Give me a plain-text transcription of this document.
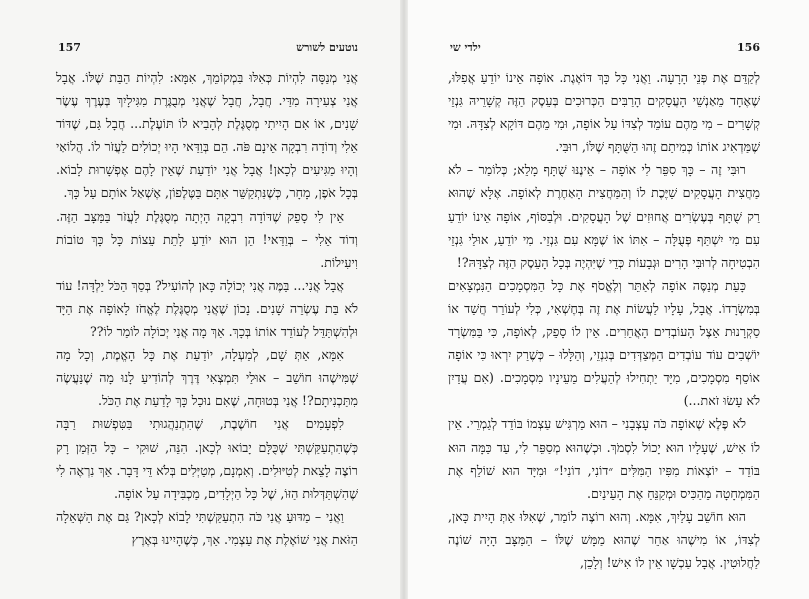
157	נוטעים לשורש

אֲנִי מְנַסָּה לִהְיוֹת כְּאִלּוּ בִּמְקוֹמֵךְ, אִמָּא: לִהְיוֹת הַבַּת שֶׁלּוֹ. אֲבָל אֲנִי צְעִירָה מִדַּי. חֲבָל, חֲבָל שֶׁאֲנִי מְבֻגֶּרֶת מִגִּילָיִךְ בְּעֶרֶךְ עֶשֶׂר שָׁנִים, אוֹ אִם הָיִיתִי מְסֻגֶּלֶת לְהָבִיא לוֹ תּוֹעֶלֶת... חֲבָל גַּם, שֶׁדּוֹד אֵלִי וְדוֹדָה רִבְקָה אֵינָם פֹּה. הֵם בְּוַדַּאי הָיוּ יְכוֹלִים לַעֲזֹר לוֹ. הֲלוֹאַי וְהָיוּ מַגִּיעִים לְכָאן! אֲבָל אֲנִי יוֹדַעַת שֶׁאֵין לָהֶם אֶפְשָׁרוּת לָבוֹא. בְּכָל אֹפֶן, מָחָר, כְּשֶׁנִּתְקַשֵּׁר אִתָּם בַּטֶּלֶפוֹן, אֶשְׁאַל אוֹתָם עַל כָּךְ.

אֵין לִי סָפֵק שֶׁדּוֹדָה רִבְקָה הָיְתָה מְסֻגֶּלֶת לַעֲזֹר בַּמַּצָּב הַזֶּה. וְדוֹד אֵלִי – בְּוַדַּאי! הֵן הוּא יוֹדֵעַ לָתֵת עֵצוֹת כָּל כָּךְ טוֹבוֹת וִיעִילוֹת.

אֲבָל אֲנִי... בַּמֶּה אֲנִי יְכוֹלָה כָּאן לְהוֹעִיל? בְּסַךְ הַכֹּל יַלְדָּה! עוֹד לֹא בַּת עֶשְׂרֵה שָׁנִים. נָכוֹן שֶׁאֲנִי מְסֻגֶּלֶת לֶאֱחֹז לָאוֹפָה אֶת הַיָּד וּלְהִשְׁתַּדֵּל לְעוֹדֵד אוֹתוֹ בְּכָךְ. אַךְ מָה אֲנִי יְכוֹלָה לוֹמַר לוֹ??

אִמָּא, אַתְּ שָׁם, לְמַעְלָה, יוֹדַעַת אֶת כָּל הָאֱמֶת, וְכָל מָה שֶׁמִּישֶׁהוּ חוֹשֵׁב – אוּלַי תִּמְצְאִי דֶּרֶךְ לְהוֹדִיעַ לָנוּ מָה שֶׁנַּעֲשֶׂה מִתַּכְנִיתָם?! אֲנִי בְּטוּחָה, שֶׁאִם נוּכַל כָּךְ לָדַעַת אֶת הַכֹּל.

לִפְעָמִים אֲנִי חוֹשֶׁבֶת, שֶׁהִתְנַהֲגוּתִי בִּטִּפְשׁוּת רַבָּה כְּשֶׁהִתְעַקַּשְׁתִּי שֶׁכֻּלָּם יָבוֹאוּ לְכָאן. הִנֵּה, שׁוּקִי – כָּל הַזְּמַן רָק רוֹצֶה לָצֵאת לְטִיּוּלִים. וְאִמְנָם, מְטַיְּלִים בְּלֹא דֵּי דָּבָר. אַךְ נִרְאֶה לִי שֶׁהִשְׁתַּדְּלוּת הַזּוֹ, שֶׁל כָּל הַיְלָדִים, מַכְבִּידָה עַל אוֹפָה.

וַאֲנִי – מַדּוּעַ אֲנִי כֹּה הִתְעַקַּשְׁתִּי לָבוֹא לְכָאן? גַּם אֶת הַשְּׁאֵלָה הַזֹּאת אֲנִי שׁוֹאֶלֶת אֶת עַצְמִי. אַךְ, כְּשֶׁהָיִינוּ בְּאֶרֶץ

ילדי שי	156

לְקַדֵּם אֶת פְּנֵי הָרָעָה. וַאֲנִי כָּל כָּךְ דּוֹאֶגֶת. אוֹפָה אֵינוֹ יוֹדֵעַ אֲפִלּוּ, שֶׁאֶחָד מֵאַנְשֵׁי הָעֲסָקִים הָרַבִּים הַכְּרוּכִים בְּעֵסֶק הַזֶּה קְשָׁרֵיהּ גִּנְזֵי קְשָׁרִים – מִי מֵהֶם עוֹמֵד לְצִדּוֹ עַל אוֹפָה, וּמִי מֵהֶם דּוֹקָא לְצִדָּהּ. וּמִי שֶׁמַּדְאִיג אוֹתוֹ כְּמִיתַם זֶהוּ הַשֻּׁתָּף שֶׁלּוֹ, רוּבִּי.

רוּבִּי זֶה – כָּךְ סִפֵּר לִי אוֹפָה – אֵינֶנּוּ שֻׁתָּף מָלֵא; כְּלוֹמַר – לֹא מַחֲצִית הָעֲסָקִים שַׁיֶּכֶת לוֹ וְהַמַּחֲצִית הָאַחֶרֶת לְאוֹפָה. אֶלָּא שֶׁהוּא רַק שֻׁתָּף בְּעֶשְׂרִים אֲחוּזִים שֶׁל הָעֲסָקִים. וּלְבַסּוֹף, אוֹפָה אֵינוֹ יוֹדֵעַ עִם מִי יִשְׁתַּף פְּעֻלָּה – אִתּוֹ אוֹ שֶׁמָּא עִם גִּנְזֵי. מִי יוֹדֵעַ, אוּלַי גִּנְזֵי הִבְטִיחָה לְרוּבִּי הָרִים וּגְבָעוֹת כְּדֵי שֶׁיִּהְיֶה בְּכָל הָעֵסֶק הַזֶּה לְצִדָּהּ?!

כָּעֵת מְנַסֶּה אוֹפָה לְאַתֵּר וְלֶאֱסֹף אֶת כָּל הַמִּסְמָכִים הַנִּמְצָאִים בְּמִשְׂרָדוֹ. אֲבָל, עָלָיו לַעֲשׂוֹת אֶת זֶה בְּחֶשְׁאִי, כְּלִי לְעוֹרֵר חֲשַׁד אוֹ סַקְרָנוּת אֵצֶל הָעוֹבְדִים הָאֲחֵרִים. אֵין לוֹ סָפֵק, לְאוֹפָה, כִּי בַּמִּשְׂרָד יוֹשְׁבִים עוֹד עוֹבְדִים הַמְּצַדְּדִים בְּגִנְזֵי, וְהַלָּלוּ – כְּשֶׁרַק יִרְאוּ כִּי אוֹפָה אוֹסֵף מִסְמָכִים, מִיָּד יַתְחִילוּ לְהַעֲלִים מֵעֵינָיו מִסְמָכִים. (אִם עֲדַיִן לֹא עָשׂוּ זֹאת...)

לֹא פֶּלֶא שֶׁאוֹפָה כֹּה עָצְבָנִי – הוּא מַרְגִּישׁ עַצְמוֹ בּוֹדֵד לְגַמְרֵי. אֵין לוֹ אִישׁ, שֶׁעָלָיו הוּא יָכוֹל לִסְמֹךְ. וּכְשֶׁהוּא מְסַפֵּר לִי, עַד כַּמָּה הוּא בּוֹדֵד – יוֹצְאוֹת מִפִּיו הַמִּלִּים ״דוֹנִי, דוֹנִי!״ וּמִיָּד הוּא שׁוֹלֵף אֶת הַמִּמְחָטָה מֵהַכִּיס וּמְקַנֵּחַ אֶת הָעֵינַיִם.

הוּא חוֹשֵׁב עָלַיִךְ, אִמָּא. וְהוּא רוֹצֶה לוֹמַר, שֶׁאִלּוּ אַתְּ הָיִית כָּאן, לְצִדּוֹ, אוֹ מִישֶׁהוּ אַחֵר שֶׁהוּא מַמָּשׁ שֶׁלּוֹ – הַמַּצָּב הָיָה שׁוֹנֶה לַחֲלוּטִין. אֲבָל עַכְשָׁו אֵין לוֹ אִישׁ! וְלָכֵן,
